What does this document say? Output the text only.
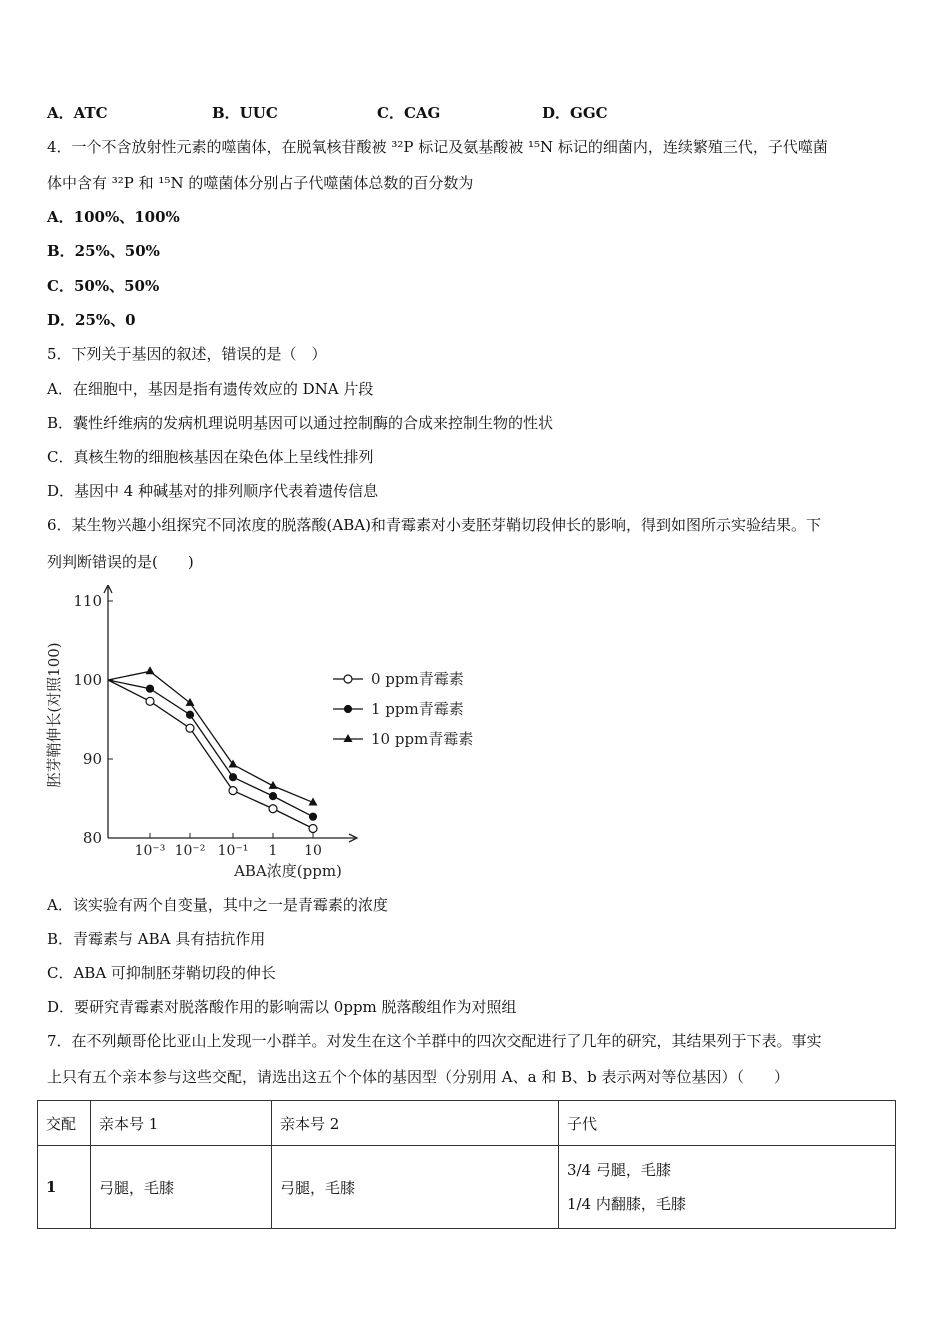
A．ATC	B．UUC	C．CAG	D．GGC
4．一个不含放射性元素的噬菌体，在脱氧核苷酸被 ³²P 标记及氨基酸被 ¹⁵N 标记的细菌内，连续繁殖三代，子代噬菌
体中含有 ³²P 和 ¹⁵N 的噬菌体分别占子代噬菌体总数的百分数为
A．100%、100%
B．25%、50%
C．50%、50%
D．25%、0
5．下列关于基因的叙述，错误的是（　）
A．在细胞中，基因是指有遗传效应的 DNA 片段
B．囊性纤维病的发病机理说明基因可以通过控制酶的合成来控制生物的性状
C．真核生物的细胞核基因在染色体上呈线性排列
D．基因中 4 种碱基对的排列顺序代表着遗传信息
6．某生物兴趣小组探究不同浓度的脱落酸(ABA)和青霉素对小麦胚芽鞘切段伸长的影响，得到如图所示实验结果。下
列判断错误的是(　　)
80
90
100
110
10⁻³ 10⁻² 10⁻¹ 1 10
ABA浓度(ppm)
胚芽鞘伸长(对照100)	0 ppm青霉素
1 ppm青霉素
10 ppm青霉素
A．该实验有两个自变量，其中之一是青霉素的浓度
B．青霉素与 ABA 具有拮抗作用
C．ABA 可抑制胚芽鞘切段的伸长
D．要研究青霉素对脱落酸作用的影响需以 0ppm 脱落酸组作为对照组
7．在不列颠哥伦比亚山上发现一小群羊。对发生在这个羊群中的四次交配进行了几年的研究，其结果列于下表。事实
上只有五个亲本参与这些交配，请选出这五个个体的基因型（分别用 A、a 和 B、b 表示两对等位基因）（　　）
交配	亲本号 1	亲本号 2	子代
1	弓腿，毛膝	弓腿，毛膝	3/4 弓腿，毛膝
1/4 内翻膝，毛膝
